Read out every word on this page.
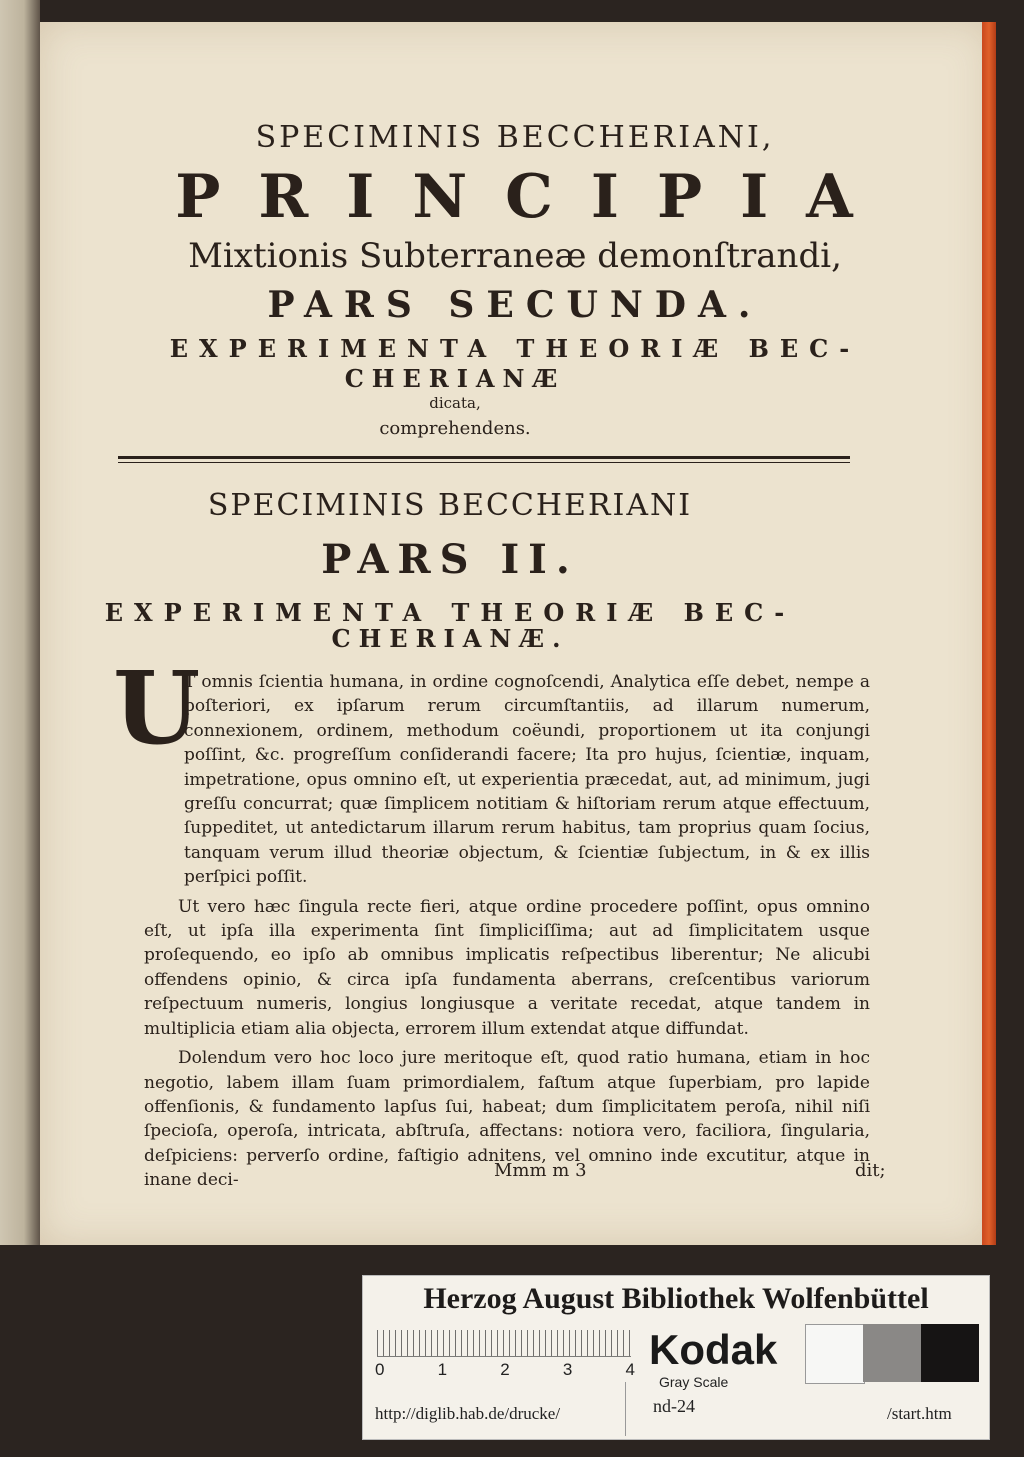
SPECIMINIS BECCHERIANI,
PRINCIPIA
Mixtionis Subterraneæ demonſtrandi,
PARS SECUNDA.
EXPERIMENTA THEORIÆ BEC-
CHERIANÆ
dicata,
comprehendens.
SPECIMINIS BECCHERIANI
PARS II.
EXPERIMENTA THEORIÆ BEC-
CHERIANÆ.
U

T omnis ſcientia humana, in ordine cognoſcendi, Analytica eſſe debet, nempe a poſteriori, ex ipſarum rerum circumſtantiis, ad illarum numerum, connexionem, ordinem, methodum coëundi, proportionem ut ita conjungi poſſint, &c. progreſſum conſiderandi facere; Ita pro hujus, ſcientiæ, inquam, impetratione, opus omnino eſt, ut experientia præcedat, aut, ad minimum, jugi greſſu concurrat; quæ ſimplicem notitiam & hiſtoriam rerum atque effectuum, ſuppeditet, ut antedictarum illarum rerum habitus, tam proprius quam ſocius, tanquam verum illud theoriæ objectum, & ſcientiæ ſubjectum, in & ex illis perſpici poſſit.

Ut vero hæc ſingula recte fieri, atque ordine procedere poſſint, opus omnino eſt, ut ipſa illa experimenta ſint ſimpliciſſima; aut ad ſimplicitatem usque proſequendo, eo ipſo ab omnibus implicatis reſpectibus liberentur; Ne alicubi offendens opinio, & circa ipſa fundamenta aberrans, creſcentibus variorum reſpectuum numeris, longius longiusque a veritate recedat, atque tandem in multiplicia etiam alia objecta, errorem illum extendat atque diffundat.

Dolendum vero hoc loco jure meritoque eſt, quod ratio humana, etiam in hoc negotio, labem illam ſuam primordialem, faſtum atque ſuperbiam, pro lapide offenſionis, & fundamento lapſus ſui, habeat; dum ſimplicitatem peroſa, nihil niſi ſpecioſa, operoſa, intricata, abſtruſa, affectans: notiora vero, faciliora, ſingularia, deſpiciens: perverſo ordine, faſtigio adnitens, vel omnino inde excutitur, atque in inane deci-	Mmm m 3	dit;
Herzog August Bibliothek Wolfenbüttel
0	1	2	3	4 Kodak
Gray Scale
http://diglib.hab.de/drucke/	nd-24	/start.htm
